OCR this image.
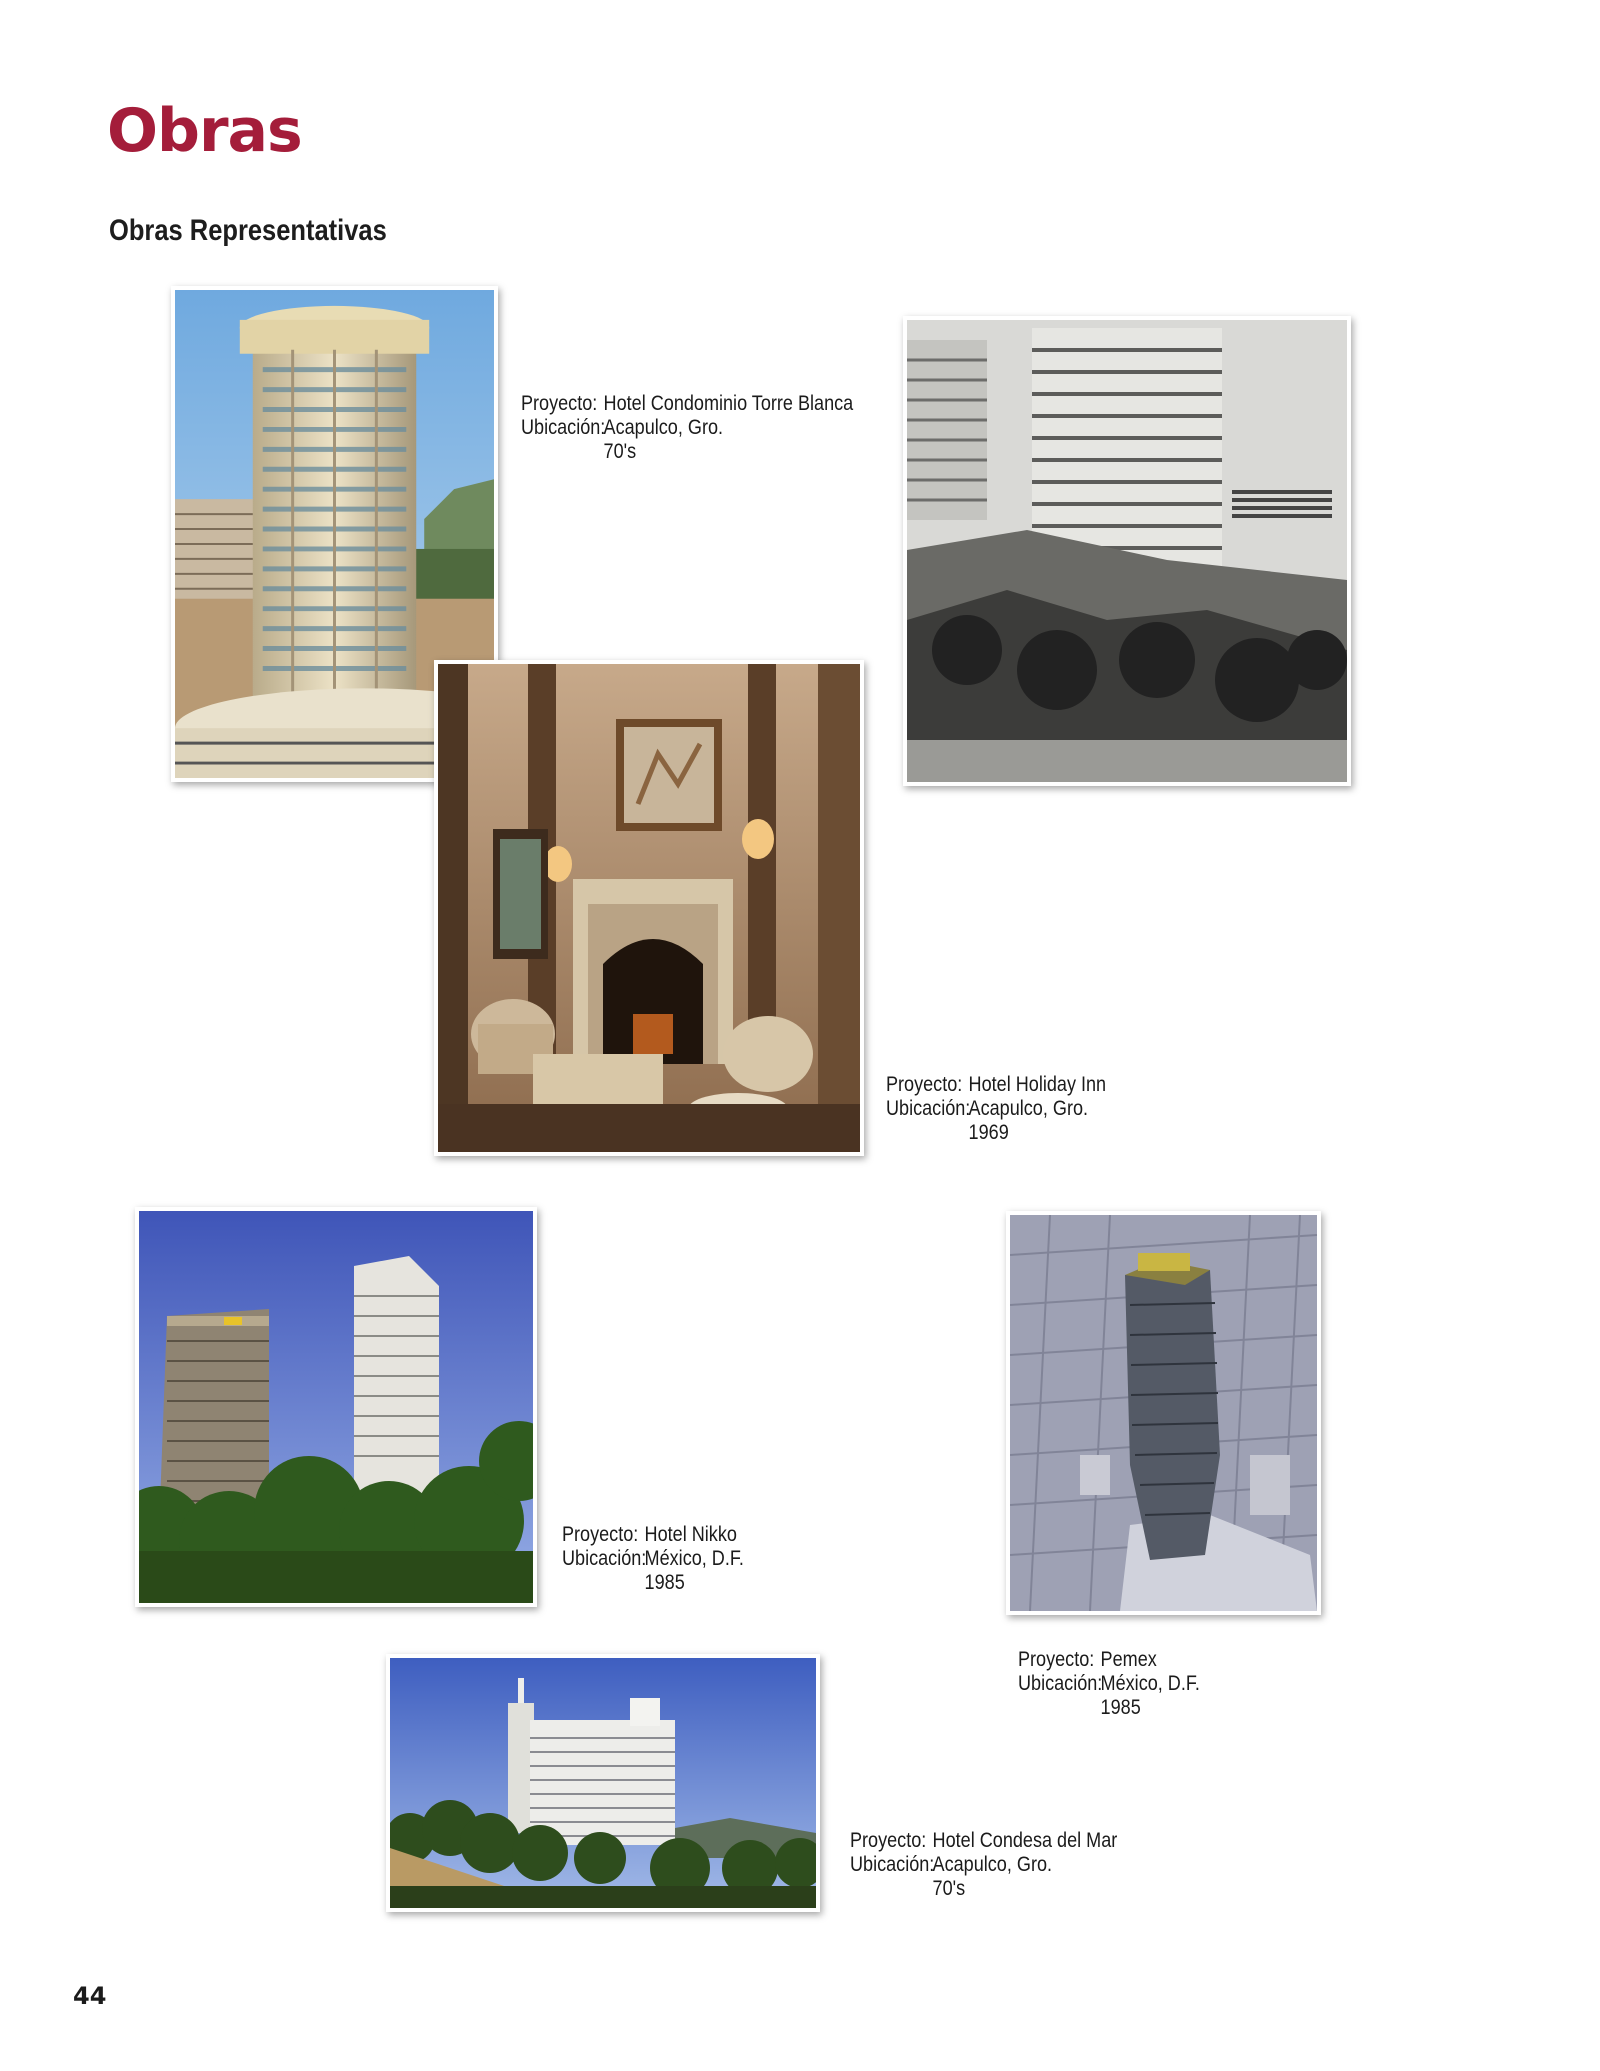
Obras
Obras Representativas
Proyecto: Hotel Condominio Torre Blanca
Ubicación:
Acapulco, Gro.
70's
Proyecto: Hotel Holiday Inn
Ubicación:
Acapulco, Gro.
1969
Proyecto: Hotel Nikko
Ubicación:
México, D.F.
1985
Proyecto: Pemex
Ubicación:
México, D.F.
1985
Proyecto: Hotel Condesa del Mar
Ubicación:
Acapulco, Gro.
70's
44
